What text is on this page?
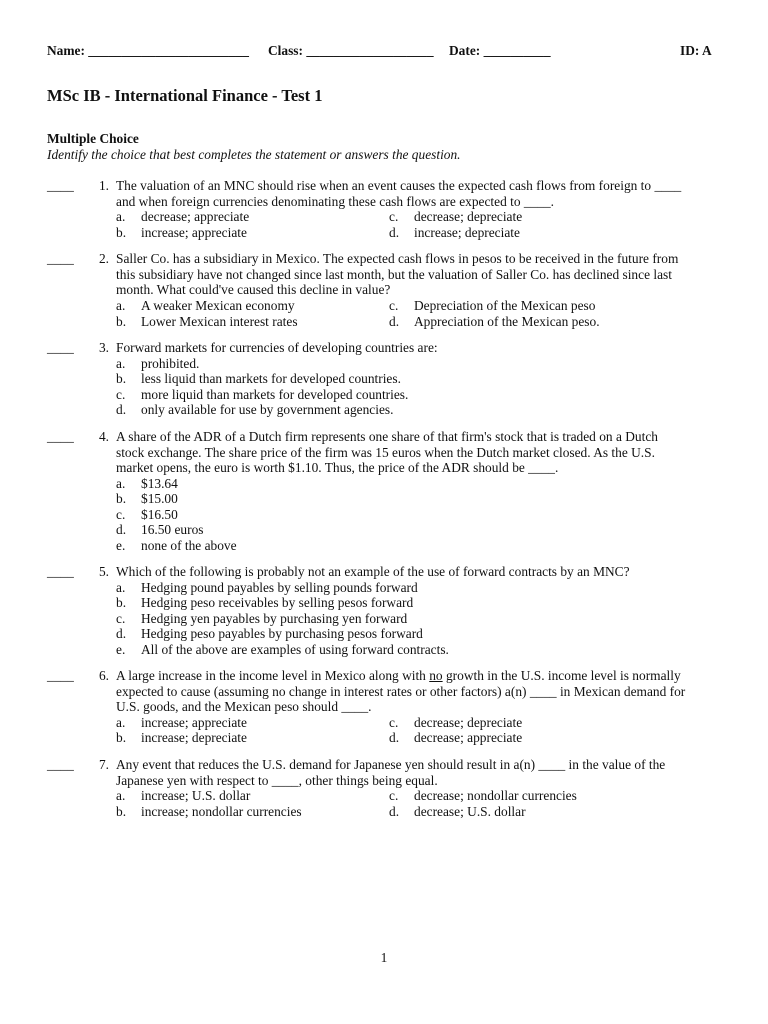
Name: ________________________ Class: ___________________ Date: __________	ID: A
MSc IB - International Finance - Test 1
Multiple Choice
Identify the choice that best completes the statement or answers the question.
____	1. The valuation of an MNC should rise when an event causes the expected cash flows from foreign to ____

and when foreign currencies denominating these cash flows are expected to ____.

a. decrease; appreciate	c. decrease; depreciate
b. increase; appreciate	d. increase; depreciate
____	2. Saller Co. has a subsidiary in Mexico. The expected cash flows in pesos to be received in the future from

this subsidiary have not changed since last month, but the valuation of Saller Co. has declined since last

month. What could've caused this decline in value?

a. A weaker Mexican economy	c. Depreciation of the Mexican peso
b. Lower Mexican interest rates	d. Appreciation of the Mexican peso.
____	3. Forward markets for currencies of developing countries are:

a. prohibited.
b. less liquid than markets for developed countries.
c. more liquid than markets for developed countries.
d. only available for use by government agencies.
____	4. A share of the ADR of a Dutch firm represents one share of that firm's stock that is traded on a Dutch

stock exchange. The share price of the firm was 15 euros when the Dutch market closed. As the U.S.

market opens, the euro is worth $1.10. Thus, the price of the ADR should be ____.

a. $13.64
b. $15.00
c. $16.50
d. 16.50 euros
e. none of the above
____	5. Which of the following is probably not an example of the use of forward contracts by an MNC?

a. Hedging pound payables by selling pounds forward
b. Hedging peso receivables by selling pesos forward
c. Hedging yen payables by purchasing yen forward
d. Hedging peso payables by purchasing pesos forward
e. All of the above are examples of using forward contracts.
____	6. A large increase in the income level in Mexico along with no growth in the U.S. income level is normally

expected to cause (assuming no change in interest rates or other factors) a(n) ____ in Mexican demand for

U.S. goods, and the Mexican peso should ____.

a. increase; appreciate	c. decrease; depreciate
b. increase; depreciate	d. decrease; appreciate
____	7. Any event that reduces the U.S. demand for Japanese yen should result in a(n) ____ in the value of the

Japanese yen with respect to ____, other things being equal.

a. increase; U.S. dollar	c. decrease; nondollar currencies
b. increase; nondollar currencies	d. decrease; U.S. dollar
1
